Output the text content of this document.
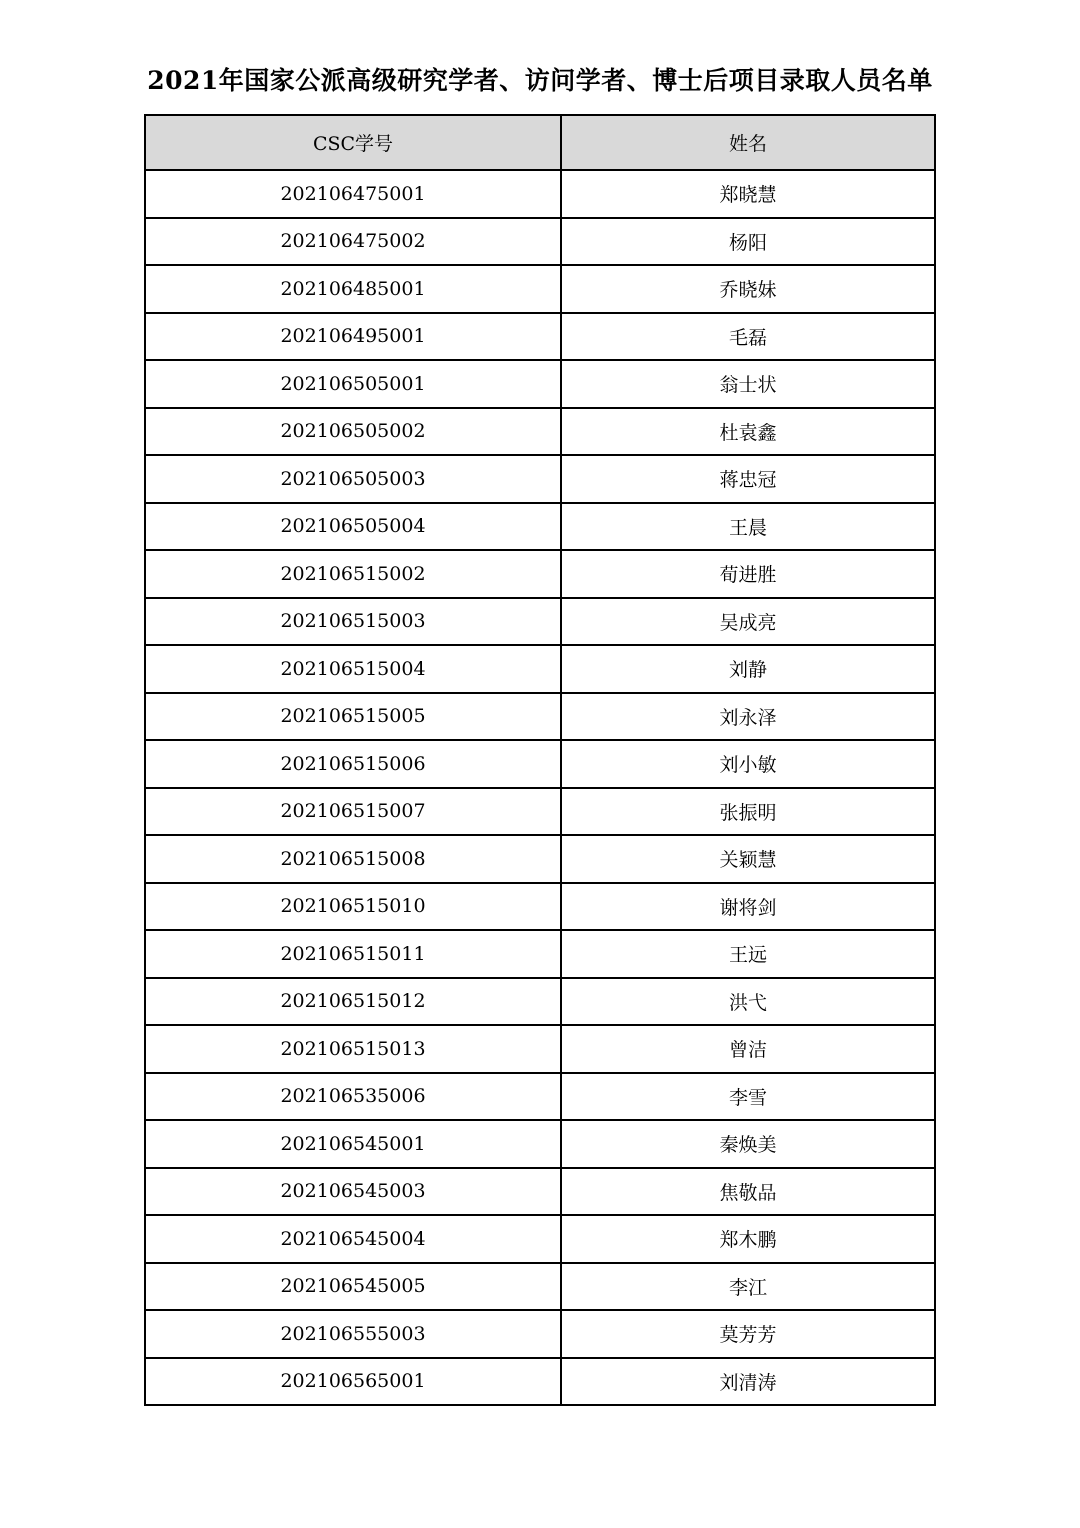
2021年国家公派高级研究学者、访问学者、博士后项目录取人员名单
CSC学号	姓名
202106475001	郑晓慧
202106475002	杨阳
202106485001	乔晓妹
202106495001	毛磊
202106505001	翁士状
202106505002	杜袁鑫
202106505003	蒋忠冠
202106505004	王晨
202106515002	荀进胜
202106515003	吴成亮
202106515004	刘静
202106515005	刘永泽
202106515006	刘小敏
202106515007	张振明
202106515008	关颖慧
202106515010	谢将剑
202106515011	王远
202106515012	洪弋
202106515013	曾洁
202106535006	李雪
202106545001	秦焕美
202106545003	焦敬品
202106545004	郑木鹏
202106545005	李江
202106555003	莫芳芳
202106565001	刘清涛
